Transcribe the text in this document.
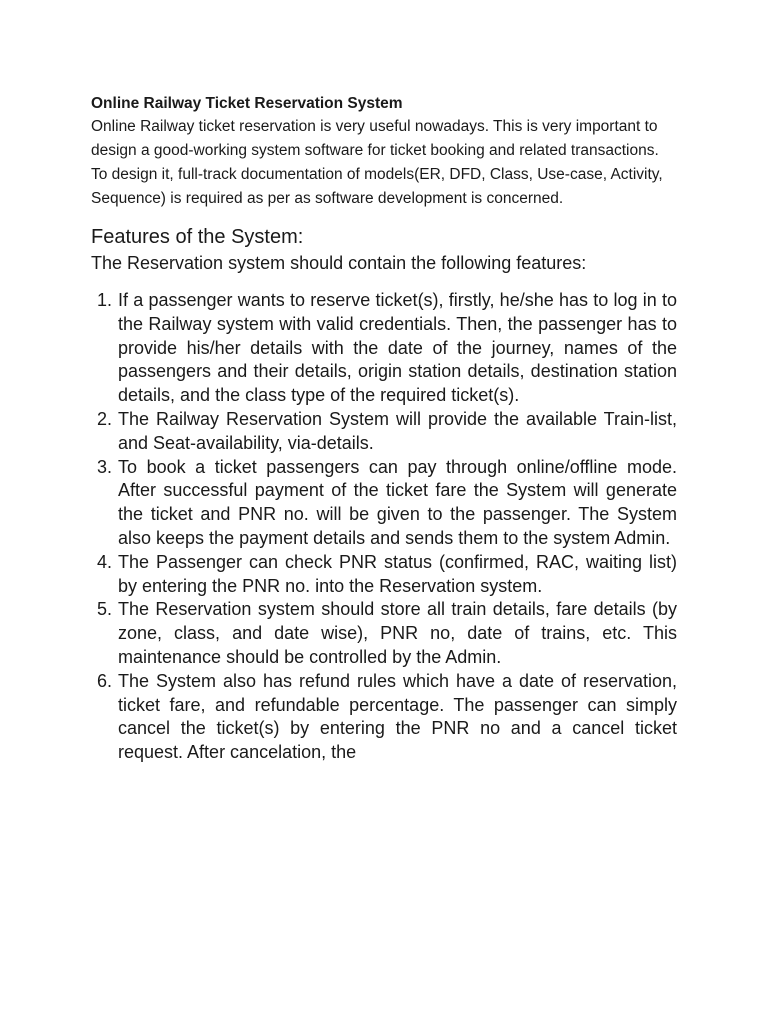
Online Railway Ticket Reservation System

Online Railway ticket reservation is very useful nowadays. This is very important to design a good-working system software for ticket booking and related transactions. To design it, full-track documentation of models(ER, DFD, Class, Use-case, Activity, Sequence) is required as per as software development is concerned.

Features of the System:

The Reservation system should contain the following features:

1. If a passenger wants to reserve ticket(s), firstly, he/she has to log in to the Railway system with valid credentials. Then, the passenger has to provide his/her details with the date of the journey, names of the passengers and their details, origin station details, destination station details, and the class type of the required ticket(s).
2. The Railway Reservation System will provide the available Train-list, and Seat-availability, via-details.
3. To book a ticket passengers can pay through online/offline mode. After successful payment of the ticket fare the System will generate the ticket and PNR no. will be given to the passenger. The System also keeps the payment details and sends them to the system Admin.
4. The Passenger can check PNR status (confirmed, RAC, waiting list) by entering the PNR no. into the Reservation system.
5. The Reservation system should store all train details, fare details (by zone, class, and date wise), PNR no, date of trains, etc. This maintenance should be controlled by the Admin.
6. The System also has refund rules which have a date of reservation, ticket fare, and refundable percentage. The passenger can simply cancel the ticket(s) by entering the PNR no and a cancel ticket request. After cancelation, the
